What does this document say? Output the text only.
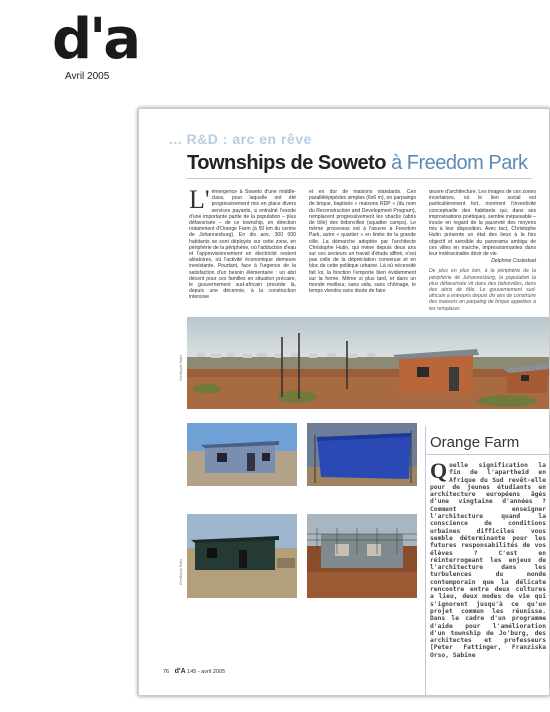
d'a
Avril 2005
... R&D : arc en rêve
Townships de Soweto à Freedom Park
L' émergence à Soweto d'une middle-class, pour laquelle ont été progressivement mis en place divers services payants, a entraîné l'exode d'une importante partie de la population – plus défavorisée – de ce township, en direction notamment d'Orange Farm (à 50 km du centre de Johannesburg). En dix ans, 300 000 habitants se sont déployés sur cette zone, en périphérie de la périphérie, où l'adduction d'eau et l'approvisionnement en électricité restent aléatoires, où l'activité économique demeure inexistante. Pourtant, face à l'urgence de la satisfaction d'un besoin élémentaire : un abri décent pour ces familles en situation précaire, le gouvernement sud-africain procède là, depuis une décennie, à la construction intensive
et en dur de maisons standards. Ces parallélépipèdes simples (6x6 m), en parpaings de brique, baptisés « maisons RDP » (du nom du Reconstruction and Development Program), remplacent progressivement les shacks (abris de tôle) des bidonvilles (squatter camps). Le même processus est à l'œuvre à Freedom Park, autre « quartier » en limite de la grande ville. La démarche adoptée par l'architecte Christophe Hutin, qui mène depuis deux ans sur ces secteurs un travail d'étude affiné, n'est pas celle de la dépréciation convenue et en bloc de cette politique urbaine. Là où nécessité fait loi, la fonction l'emporte bien évidemment sur la forme. Même si plus tard, et dans un monde meilleur, sans sida, sans chômage, le temps viendra sans doute de faire
œuvre d'architecture. Les images de ces zones incertaines, où le lien social est particulièrement fort, montrent l'inventivité conceptuelle des habitants qui, dans ses improvisations poétiques, semble inépuisable – inouïe en regard de la pauvreté des moyens mis à leur disposition. Avec tact, Christophe Hutin présente un état des lieux à la fois objectif et sensible du panorama ambigu de ces villes en marche, impressionnantes dans leur indéracinable désir de vie.
Delphine Costedoat
De plus en plus loin, à la périphérie de la périphérie de Johannesburg, la population la plus défavorisée vit dans des bidonvilles, dans des abris de tôle. Le gouvernement sud-africain a entrepris depuis dix ans de construire des maisons en parpaing de brique appelées à les remplacer.
Christophe Hutin
Christophe Hutin
Orange Farm
Quelle signification la fin de l'apartheid en Afrique du Sud revêt-elle pour de jeunes étudiants en architecture européens âgés d'une vingtaine d'années ? Comment enseigner l'architecture quand la conscience de conditions urbaines difficiles vous semble déterminante pour les futures responsabilités de vos élèves ? C'est en réinterrogeant les enjeux de l'architecture dans les turbulences du monde contemporain que la délicate rencontre entre deux cultures a lieu, deux modes de vie qui s'ignorent jusqu'à ce qu'un projet commun les réunisse. Dans le cadre d'un programme d'aide pour l'amélioration d'un township de Jo'burg, des architectes et professeurs [Peter Fattinger, Franziska Orso, Sabine
76 d'A 145 - avril 2005
